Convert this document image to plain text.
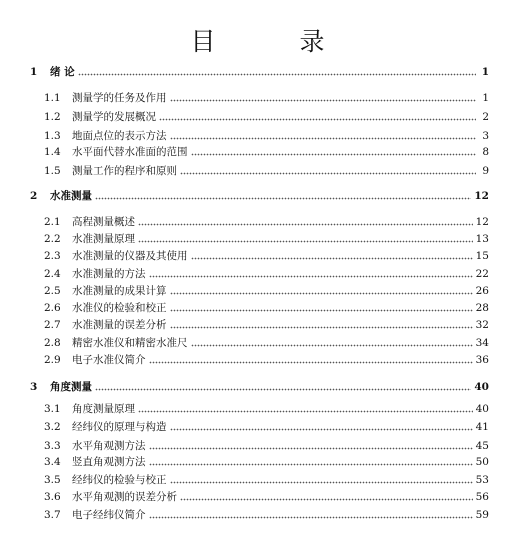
目 录
1	绪 论	1
1.1	测量学的任务及作用	1
1.2	测量学的发展概况	2
1.3	地面点位的表示方法	3
1.4	水平面代替水准面的范围	8
1.5	测量工作的程序和原则	9
2	水准测量	12
2.1	高程测量概述	12
2.2	水准测量原理	13
2.3	水准测量的仪器及其使用	15
2.4	水准测量的方法	22
2.5	水准测量的成果计算	26
2.6	水准仪的检验和校正	28
2.7	水准测量的误差分析	32
2.8	精密水准仪和精密水准尺	34
2.9	电子水准仪简介	36
3	角度测量	40
3.1	角度测量原理	40
3.2	经纬仪的原理与构造	41
3.3	水平角观测方法	45
3.4	竖直角观测方法	50
3.5	经纬仪的检验与校正	53
3.6	水平角观测的误差分析	56
3.7	电子经纬仪简介	59
